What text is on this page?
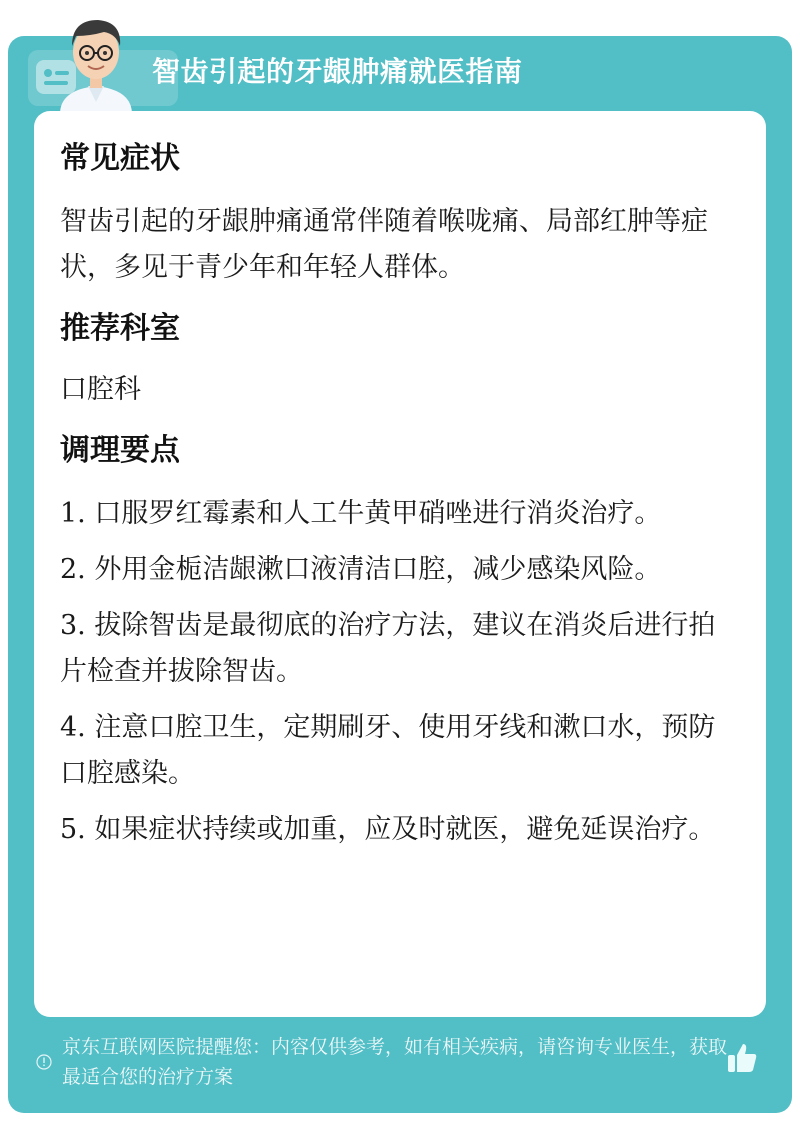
智齿引起的牙龈肿痛就医指南
常见症状

智齿引起的牙龈肿痛通常伴随着喉咙痛、局部红肿等症状，多见于青少年和年轻人群体。

推荐科室

口腔科

调理要点
1. 口服罗红霉素和人工牛黄甲硝唑进行消炎治疗。
2. 外用金栀洁龈漱口液清洁口腔，减少感染风险。
3. 拔除智齿是最彻底的治疗方法，建议在消炎后进行拍片检查并拔除智齿。
4. 注意口腔卫生，定期刷牙、使用牙线和漱口水，预防口腔感染。
5. 如果症状持续或加重，应及时就医，避免延误治疗。
京东互联网医院提醒您：内容仅供参考，如有相关疾病，请咨询专业医生，获取最适合您的治疗方案
